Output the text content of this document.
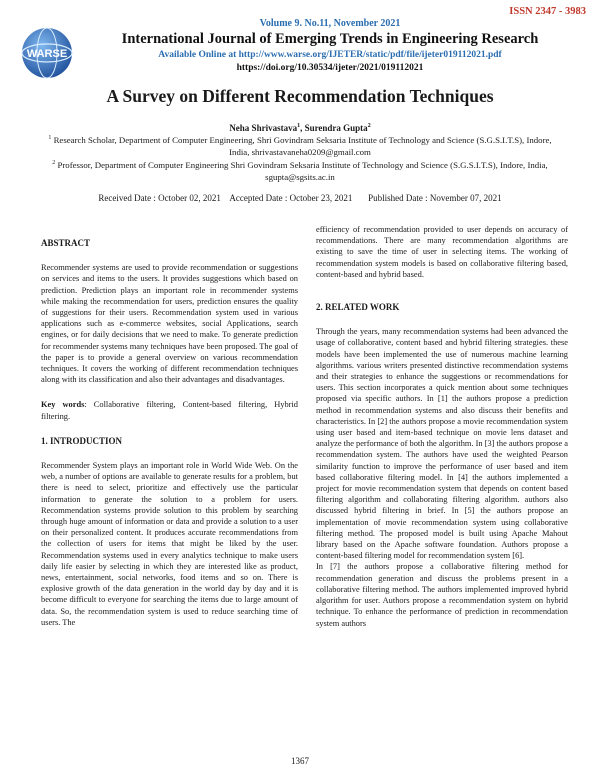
ISSN 2347 - 3983
WARSE
Volume 9. No.11, November 2021
International Journal of Emerging Trends in Engineering Research
Available Online at http://www.warse.org/IJETER/static/pdf/file/ijeter019112021.pdf
https://doi.org/10.30534/ijeter/2021/019112021
A Survey on Different Recommendation Techniques
Neha Shrivastava$^1$, Surendra Gupta$^2$
$^1$ Research Scholar, Department of Computer Engineering, Shri Govindram Seksaria Institute of Technology and Science (S.G.S.I.T.S), Indore, India, shrivastavaneha0209@gmail.com
$^2$ Professor, Department of Computer Engineering Shri Govindram Seksaria Institute of Technology and Science (S.G.S.I.T.S), Indore, India, sgupta@sgsits.ac.in
Received Date : October 02, 2021 Accepted Date : October 23, 2021 Published Date : November 07, 2021
ABSTRACT

Recommender systems are used to provide recommendation or suggestions on services and items to the users. It provides suggestions which based on prediction. Prediction plays an important role in recommender systems while making the recommendation for users, prediction ensures the quality of suggestions for their users. Recommendation system used in various applications such as e-commerce websites, social Applications, search engines, or for daily decisions that we need to make. To generate prediction for recommender systems many techniques have been proposed. The goal of the paper is to provide a general overview on various recommendation techniques. It covers the working of different recommendation techniques along with its classification and also their advantages and disadvantages.

Key words: Collaborative filtering, Content-based filtering, Hybrid filtering.

1. INTRODUCTION

Recommender System plays an important role in World Wide Web. On the web, a number of options are available to generate results for a problem, but there is need to select, prioritize and effectively use the particular information to generate the solution to a problem for users. Recommendation systems provide solution to this problem by searching through huge amount of information or data and provide a solution to a user on their personalized content. It produces accurate recommendations from the collection of users for items that might be liked by the user. Recommendation systems used in every analytics technique to make users daily life easier by selecting in which they are interested like as product, news, entertainment, social networks, food items and so on. There is explosive growth of the data generation in the world day by day and it is become difficult to everyone for searching the items due to large amount of data. So, the recommendation system is used to reduce searching time of users. The

efficiency of recommendation provided to user depends on accuracy of recommendations. There are many recommendation algorithms are existing to save the time of user in selecting items. The working of recommendation system models is based on collaborative filtering based, content-based and hybrid based.

2. RELATED WORK

Through the years, many recommendation systems had been advanced the usage of collaborative, content based and hybrid filtering strategies. these models have been implemented the use of numerous machine learning algorithms. various writers presented distinctive recommendation systems and their strategies to enhance the suggestions or recommendations for users. This section incorporates a quick mention about some techniques proposed via specific authors. In [1] the authors propose a prediction method in recommendation systems and also discuss their benefits and characteristics. In [2] the authors propose a movie recommendation system using user based and item-based technique on movie lens dataset and analyze the performance of both the algorithm. In [3] the authors propose a recommendation system. The authors have used the weighted Pearson similarity function to improve the performance of user based and item based collaborative filtering model. In [4] the authors implemented a project for movie recommendation system that depends on content based filtering algorithm and collaborating filtering algorithm. authors also discussed hybrid filtering in brief. In [5] the authors propose an implementation of movie recommendation system using collaborative filtering method. The proposed model is built using Apache Mahout library based on the Apache software foundation. Authors propose a content-based filtering model for recommendation system [6].

In [7] the authors propose a collaborative filtering method for recommendation generation and discuss the problems present in a collaborative filtering method. The authors implemented improved hybrid algorithm for user. Authors propose a recommendation system on hybrid technique. To enhance the performance of prediction in recommendation system authors

1367
